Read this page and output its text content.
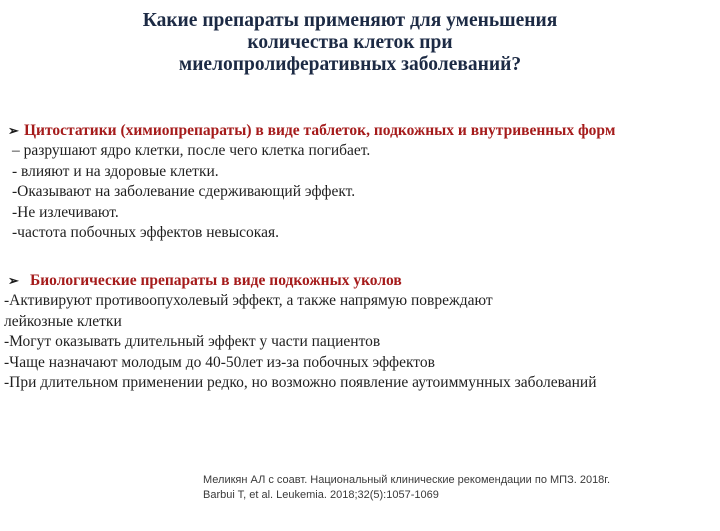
Какие препараты применяют для уменьшения
количества клеток при
миелопролиферативных заболеваний?
➢ Цитостатики (химиопрепараты) в виде таблеток, подкожных и внутривенных форм
– разрушают ядро клетки, после чего клетка погибает.
- влияют и на здоровые клетки.
-Оказывают на заболевание сдерживающий эффект.
-Не излечивают.
-частота побочных эффектов невысокая.
➢ Биологические препараты в виде подкожных уколов
-Активируют противоопухолевый эффект, а также напрямую повреждают
лейкозные клетки
-Могут оказывать длительный эффект у части пациентов
-Чаще назначают молодым до 40-50лет из-за побочных эффектов
-При длительном применении редко, но возможно появление аутоиммунных заболеваний
Меликян АЛ с соавт. Национальный клинические рекомендации по МПЗ. 2018г.
Barbui T, et al. Leukemia. 2018;32(5):1057-1069
